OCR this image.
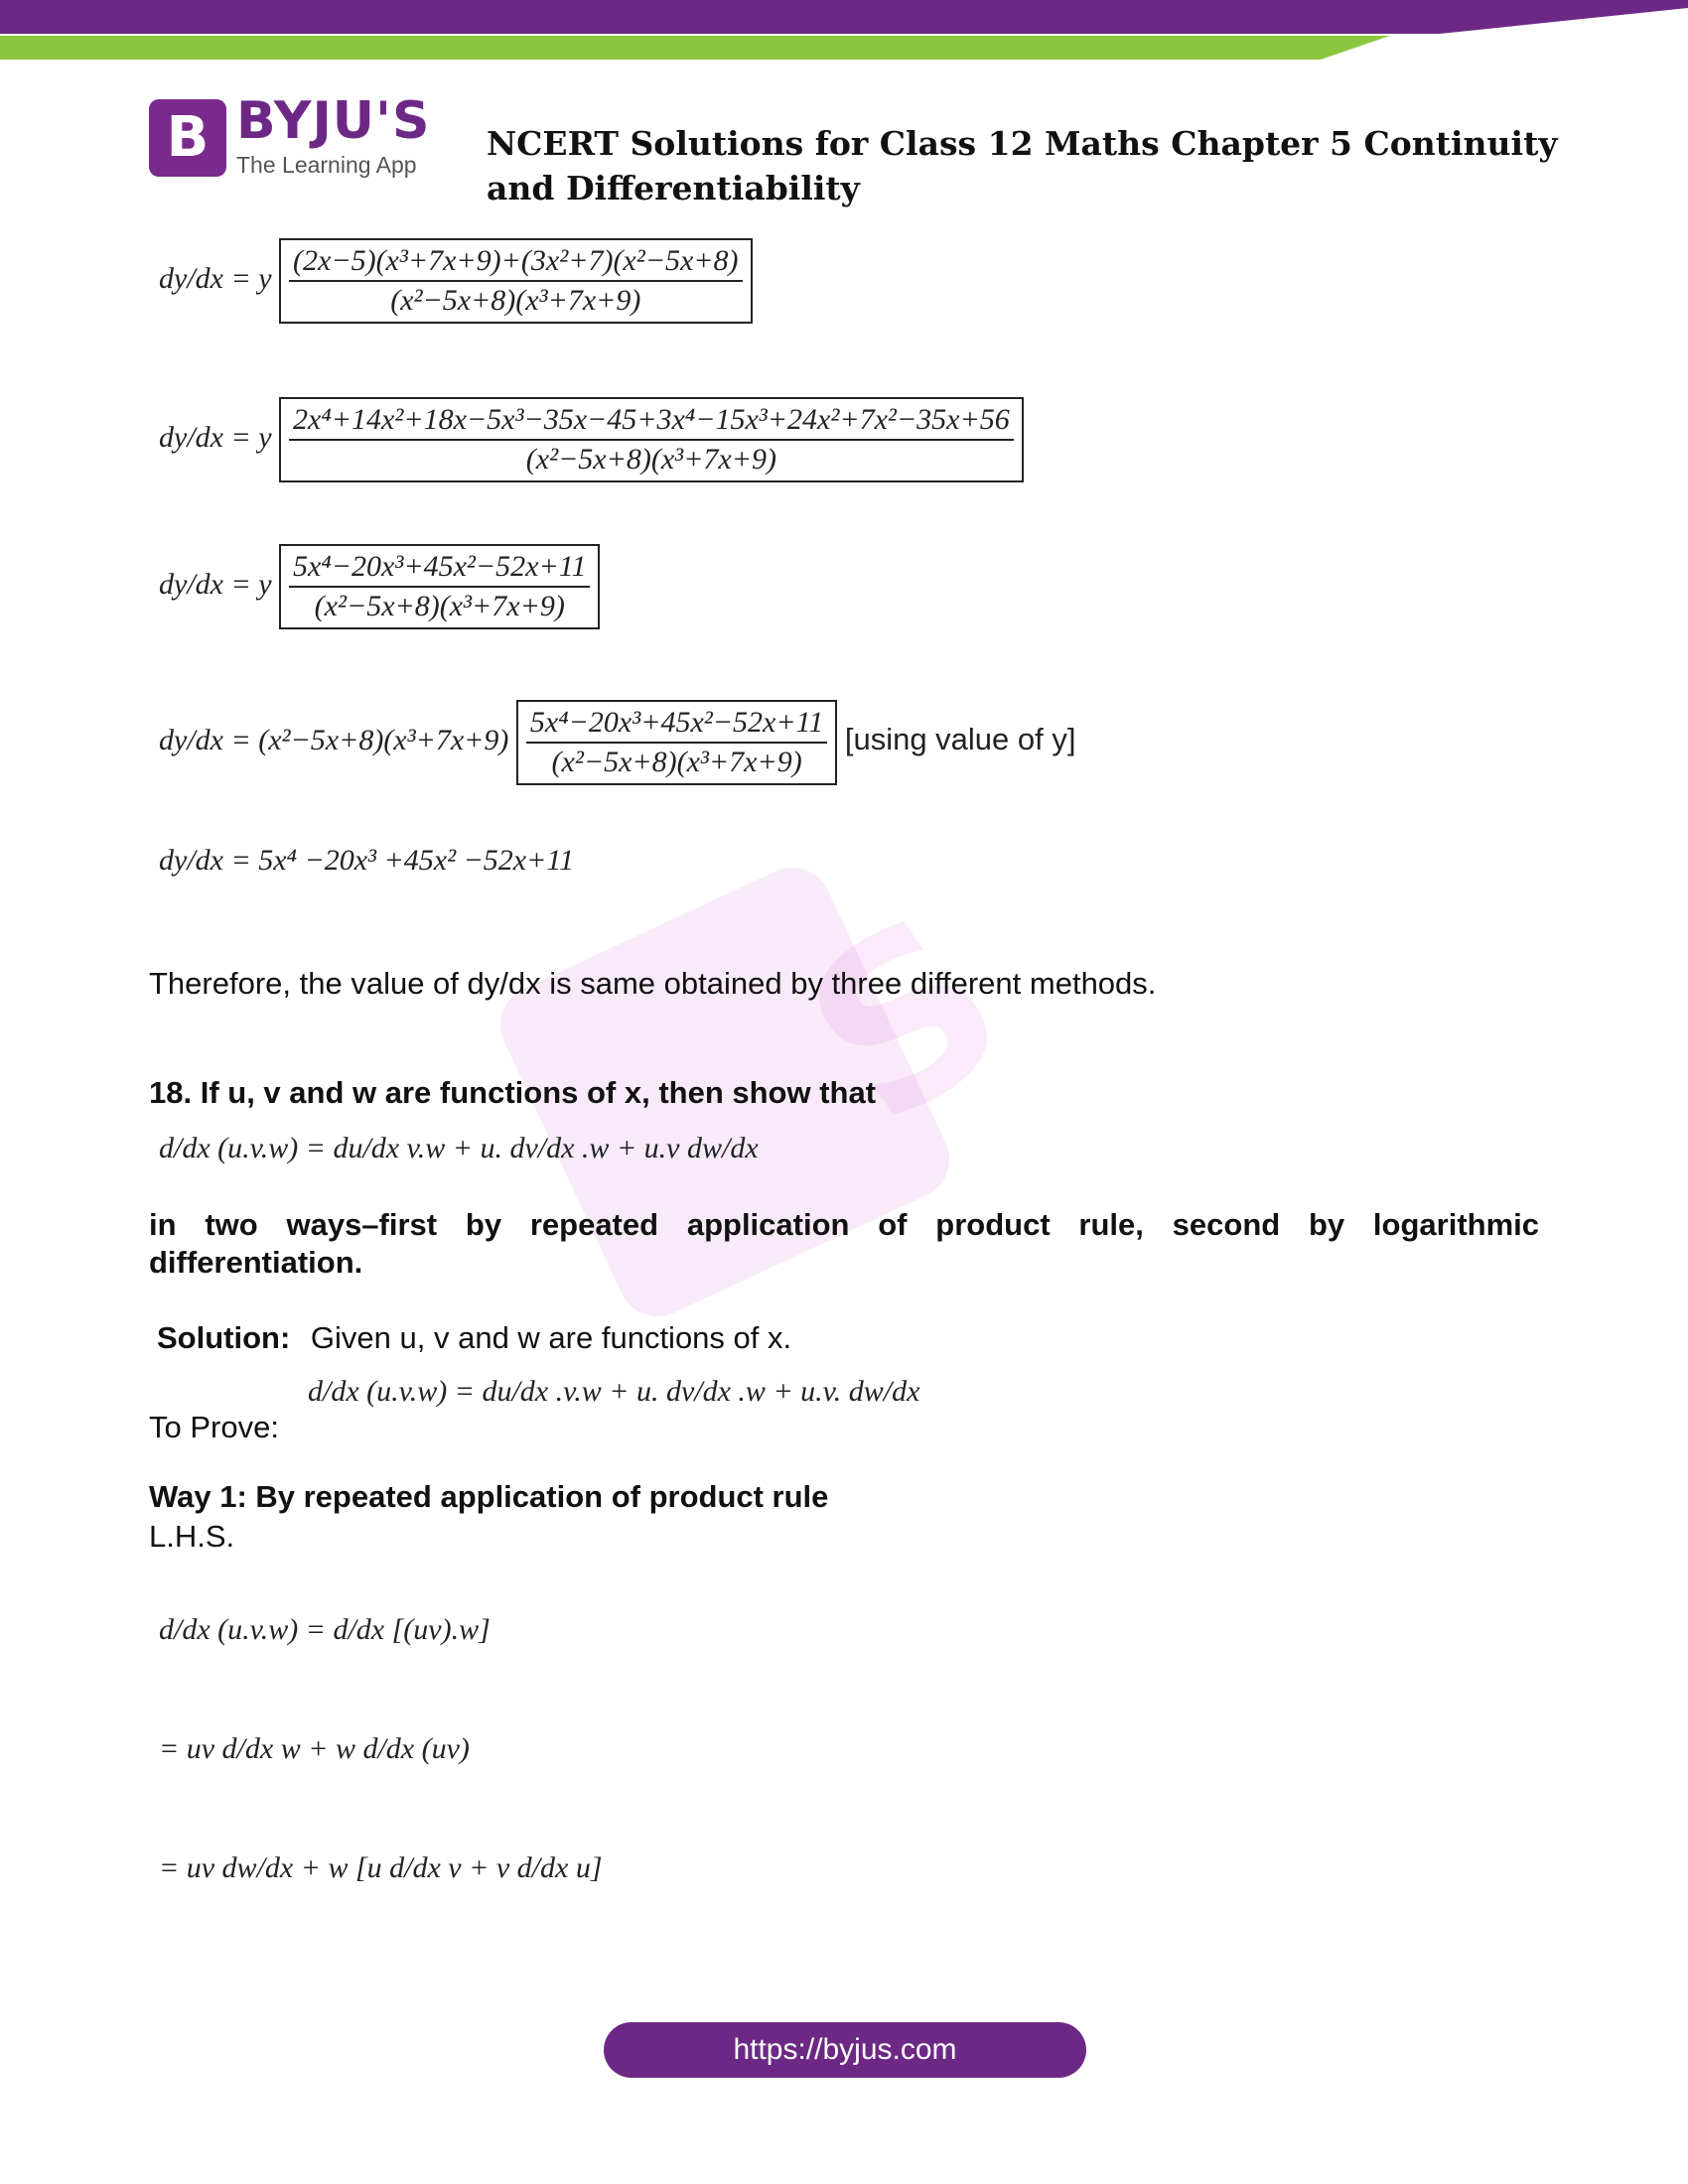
S
B BYJU'S
The Learning App
NCERT Solutions for Class 12 Maths Chapter 5 Continuity and Differentiability
dy/dx = y $\frac{\text{(2x−5)(x³+7x+9)+(3x²+7)(x²−5x+8)}}{\text{(x²−5x+8)(x³+7x+9)}}$
dy/dx = y $\frac{\text{2x⁴+14x²+18x−5x³−35x−45+3x⁴−15x³+24x²+7x²−35x+56}}{\text{(x²−5x+8)(x³+7x+9)}}$
dy/dx = y $\frac{\text{5x⁴−20x³+45x²−52x+11}}{\text{(x²−5x+8)(x³+7x+9)}}$
$dy/dx = (x^2-5x+8)(x^3+7x+9) \frac{\text{5x⁴−20x³+45x²−52x+11}}{\text{(x²−5x+8)(x³+7x+9)}} [using$ value of y]
dy/dx = 5x⁴ −20x³ +45x² −52x+11
Therefore, the value of dy/dx is same obtained by three different methods.
18. If u, v and w are functions of x, then show that
d/dx (u.v.w) = du/dx v.w + u. dv/dx .w + u.v dw/dx
in two ways–first by repeated application of product rule, second by logarithmic differentiation.
Solution: Given u, v and w are functions of x.
To Prove:
d/dx (u.v.w) = du/dx .v.w + u. dv/dx .w + u.v. dw/dx
Way 1: By repeated application of product rule
L.H.S.
d/dx (u.v.w) = d/dx [(uv).w]
= uv d/dx w + w d/dx (uv)
= uv dw/dx + w [u d/dx v + v d/dx u]
https://byjus.com
